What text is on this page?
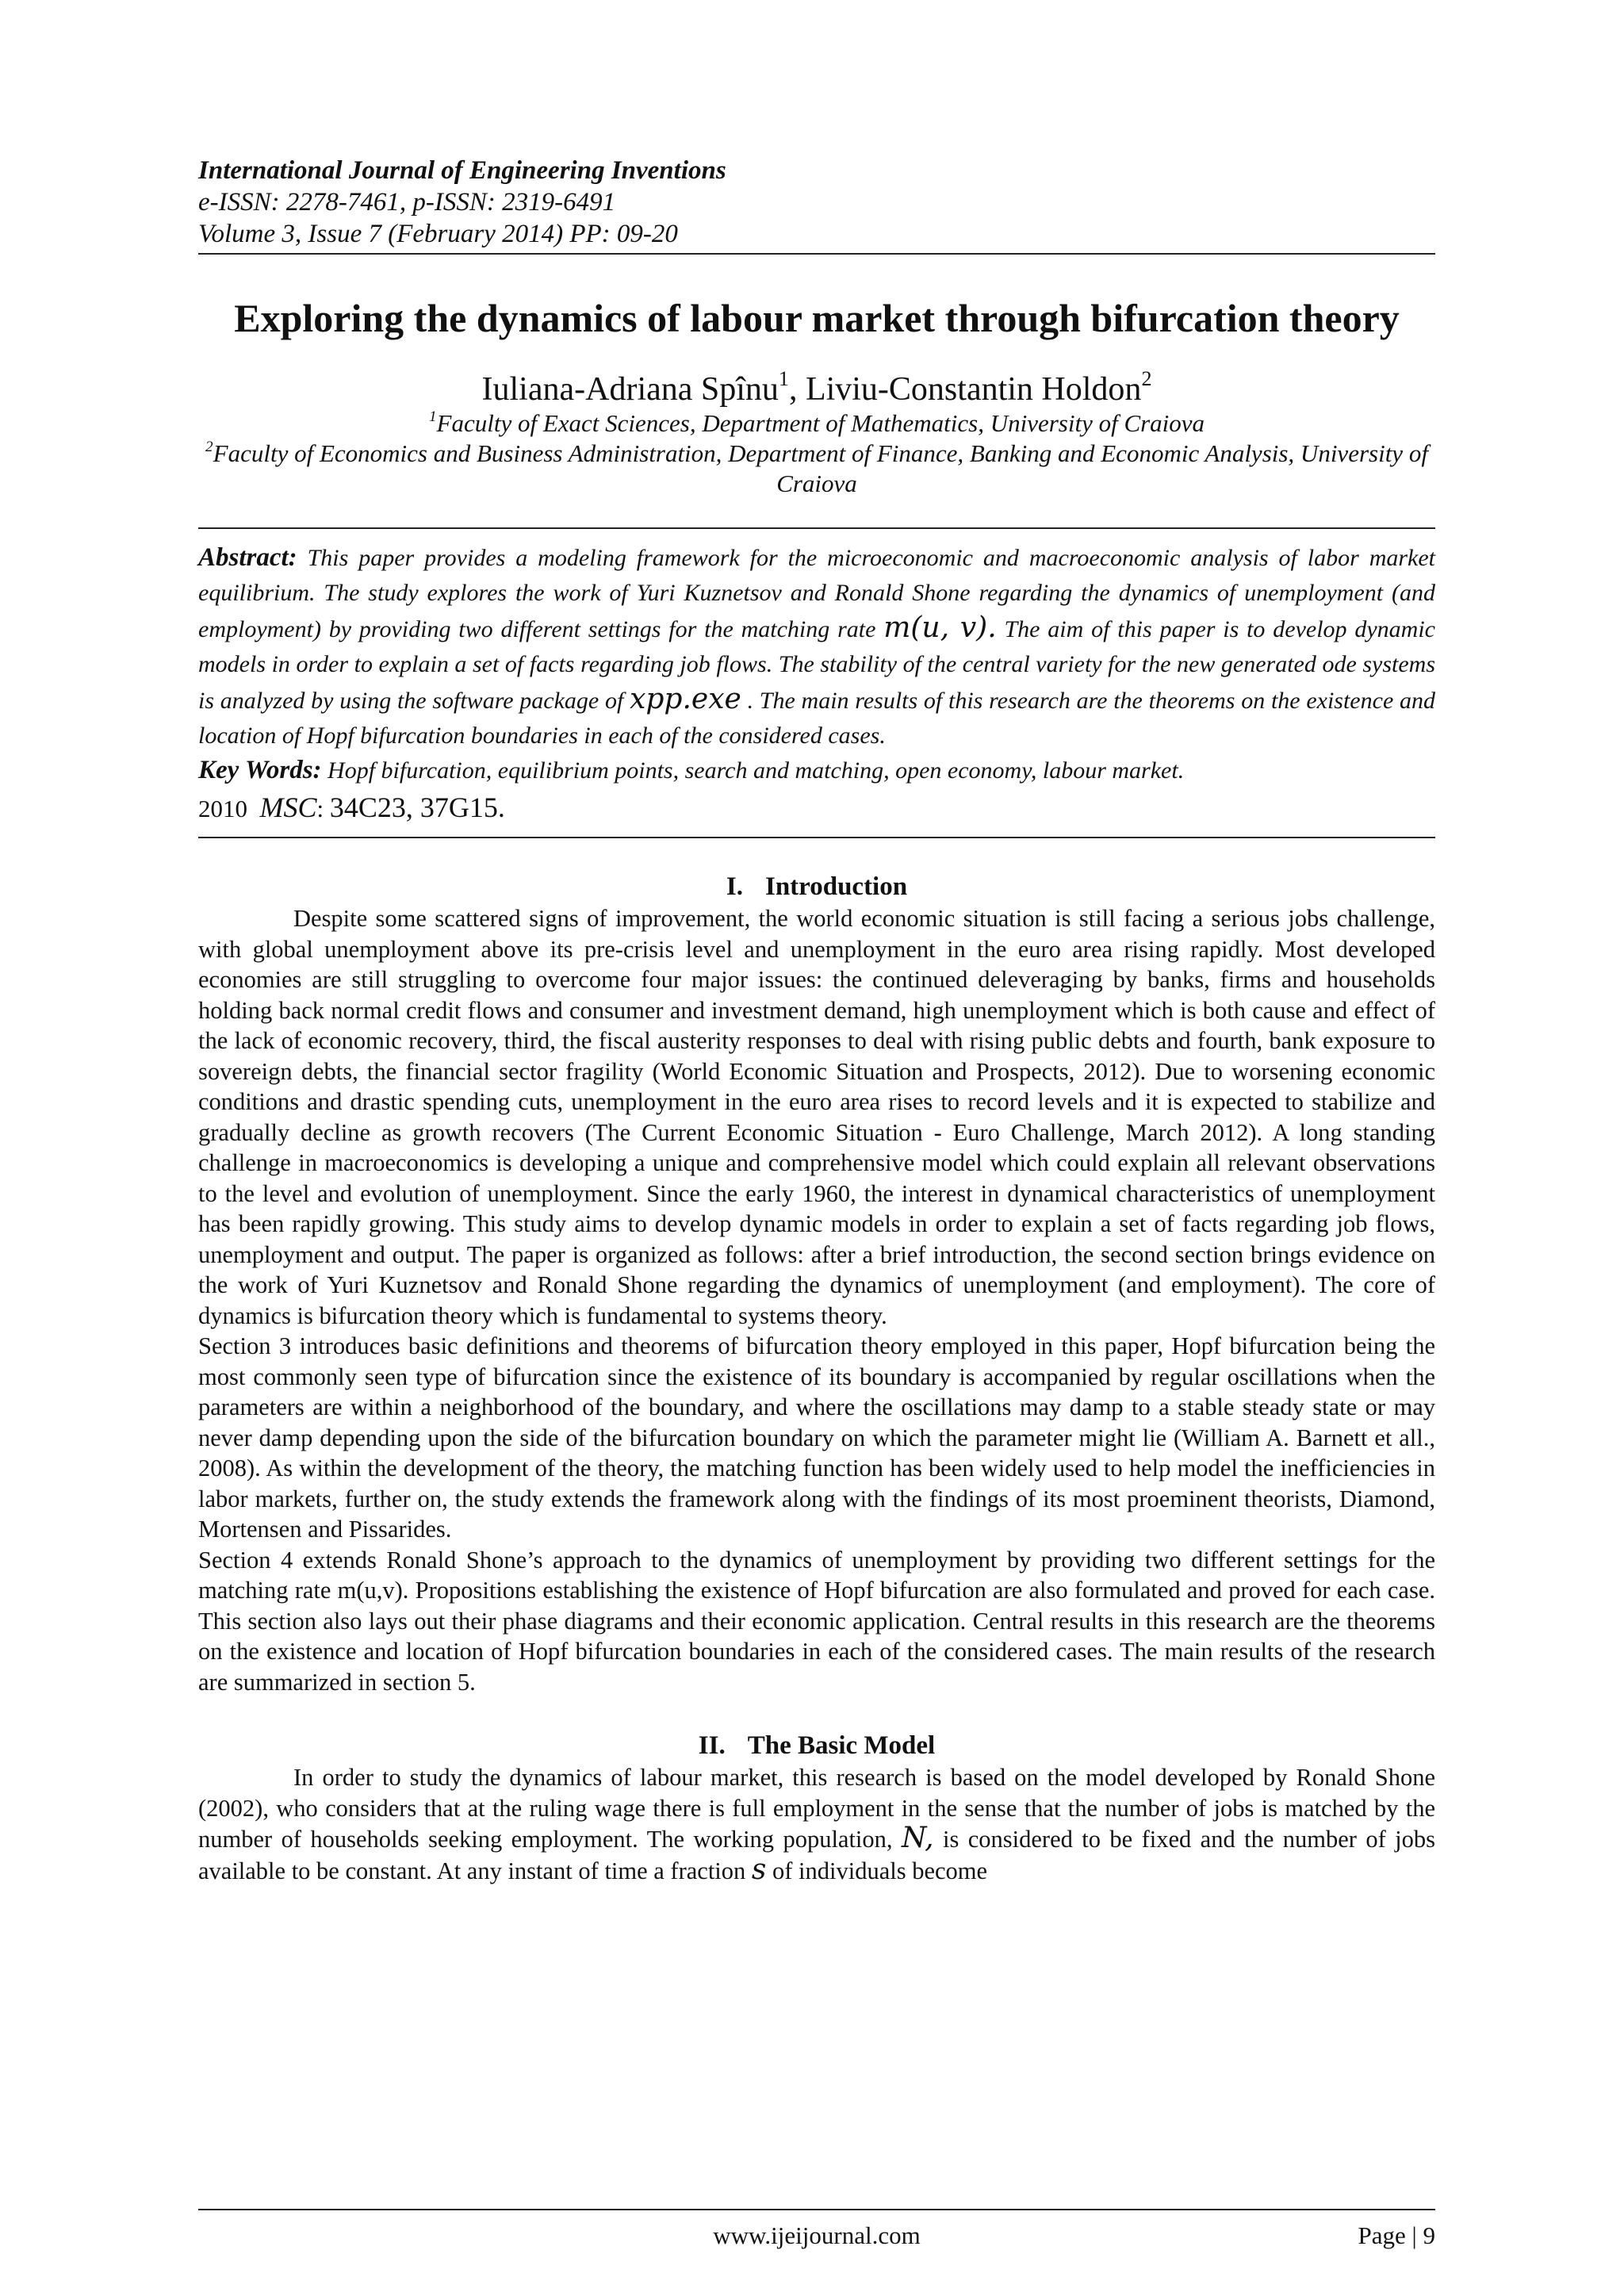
International Journal of Engineering Inventions
e-ISSN: 2278-7461, p-ISSN: 2319-6491
Volume 3, Issue 7 (February 2014) PP: 09-20
Exploring the dynamics of labour market through bifurcation theory
Iuliana-Adriana Spînu$^1$, Liviu-Constantin Holdon$^2$
$^1$Faculty of Exact Sciences, Department of Mathematics, University of Craiova
$^2$Faculty of Economics and Business Administration, Department of Finance, Banking and Economic Analysis, University of Craiova
Abstract: This paper provides a modeling framework for the microeconomic and macroeconomic analysis of labor market equilibrium. The study explores the work of Yuri Kuznetsov and Ronald Shone regarding the dynamics of unemployment (and employment) by providing two different settings for the matching rate m(u, v). The aim of this paper is to develop dynamic models in order to explain a set of facts regarding job flows. The stability of the central variety for the new generated ode systems is analyzed by using the software package of xpp.exe . The main results of this research are the theorems on the existence and location of Hopf bifurcation boundaries in each of the considered cases.
Key Words: Hopf bifurcation, equilibrium points, search and matching, open economy, labour market.
2010 MSC: 34C23, 37G15.
I. Introduction

Despite some scattered signs of improvement, the world economic situation is still facing a serious jobs challenge, with global unemployment above its pre-crisis level and unemployment in the euro area rising rapidly. Most developed economies are still struggling to overcome four major issues: the continued deleveraging by banks, firms and households holding back normal credit flows and consumer and investment demand, high unemployment which is both cause and effect of the lack of economic recovery, third, the fiscal austerity responses to deal with rising public debts and fourth, bank exposure to sovereign debts, the financial sector fragility (World Economic Situation and Prospects, 2012). Due to worsening economic conditions and drastic spending cuts, unemployment in the euro area rises to record levels and it is expected to stabilize and gradually decline as growth recovers (The Current Economic Situation - Euro Challenge, March 2012). A long standing challenge in macroeconomics is developing a unique and comprehensive model which could explain all relevant observations to the level and evolution of unemployment. Since the early 1960, the interest in dynamical characteristics of unemployment has been rapidly growing. This study aims to develop dynamic models in order to explain a set of facts regarding job flows, unemployment and output. The paper is organized as follows: after a brief introduction, the second section brings evidence on the work of Yuri Kuznetsov and Ronald Shone regarding the dynamics of unemployment (and employment). The core of dynamics is bifurcation theory which is fundamental to systems theory.

Section 3 introduces basic definitions and theorems of bifurcation theory employed in this paper, Hopf bifurcation being the most commonly seen type of bifurcation since the existence of its boundary is accompanied by regular oscillations when the parameters are within a neighborhood of the boundary, and where the oscillations may damp to a stable steady state or may never damp depending upon the side of the bifurcation boundary on which the parameter might lie (William A. Barnett et all., 2008). As within the development of the theory, the matching function has been widely used to help model the inefficiencies in labor markets, further on, the study extends the framework along with the findings of its most proeminent theorists, Diamond, Mortensen and Pissarides.

Section 4 extends Ronald Shone’s approach to the dynamics of unemployment by providing two different settings for the matching rate m(u,v). Propositions establishing the existence of Hopf bifurcation are also formulated and proved for each case. This section also lays out their phase diagrams and their economic application. Central results in this research are the theorems on the existence and location of Hopf bifurcation boundaries in each of the considered cases. The main results of the research are summarized in section 5.

II. The Basic Model

In order to study the dynamics of labour market, this research is based on the model developed by Ronald Shone (2002), who considers that at the ruling wage there is full employment in the sense that the number of jobs is matched by the number of households seeking employment. The working population, N, is considered to be fixed and the number of jobs available to be constant. At any instant of time a fraction s of individuals become

www.ijeijournal.com	Page | 9
